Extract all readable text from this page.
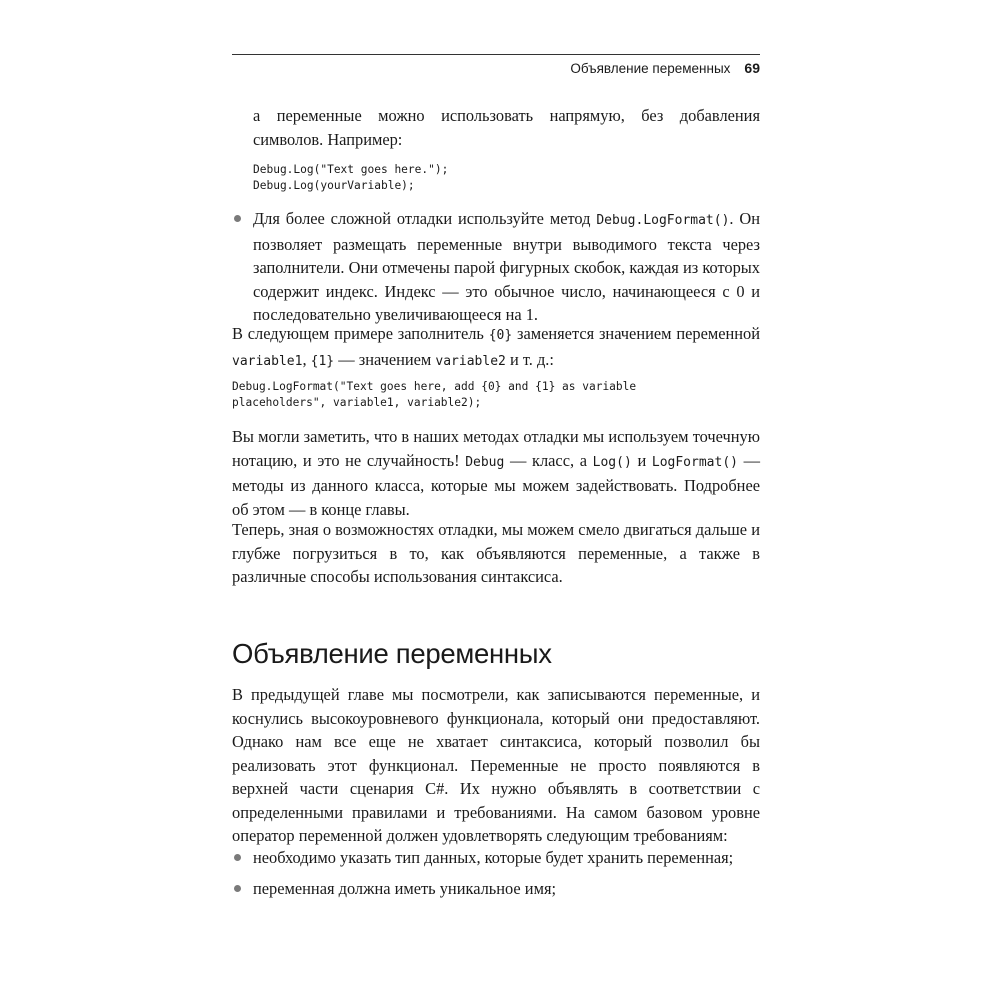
Объявление переменных 69

а переменные можно использовать напрямую, без добавления символов. Например:

Debug.Log("Text goes here.");
Debug.Log(yourVariable);

Для более сложной отладки используйте метод Debug.LogFormat(). Он позволяет размещать переменные внутри выводимого текста через заполнители. Они отмечены парой фигурных скобок, каждая из которых содержит индекс. Индекс — это обычное число, начинающееся с 0 и последовательно увеличивающееся на 1.

В следующем примере заполнитель {0} заменяется значением переменной variable1, {1} — значением variable2 и т. д.:

Debug.LogFormat("Text goes here, add {0} and {1} as variable
placeholders", variable1, variable2);

Вы могли заметить, что в наших методах отладки мы используем точечную нотацию, и это не случайность! Debug — класс, а Log() и LogFormat() — методы из данного класса, которые мы можем задействовать. Подробнее об этом — в конце главы.

Теперь, зная о возможностях отладки, мы можем смело двигаться дальше и глубже погрузиться в то, как объявляются переменные, а также в различные способы использования синтаксиса.

Объявление переменных

В предыдущей главе мы посмотрели, как записываются переменные, и коснулись высокоуровневого функционала, который они предоставляют. Однако нам все еще не хватает синтаксиса, который позволил бы реализовать этот функционал. Переменные не просто появляются в верхней части сценария C#. Их нужно объявлять в соответствии с определенными правилами и требованиями. На самом базовом уровне оператор переменной должен удовлетворять следующим требованиям:

необходимо указать тип данных, которые будет хранить переменная;

переменная должна иметь уникальное имя;
